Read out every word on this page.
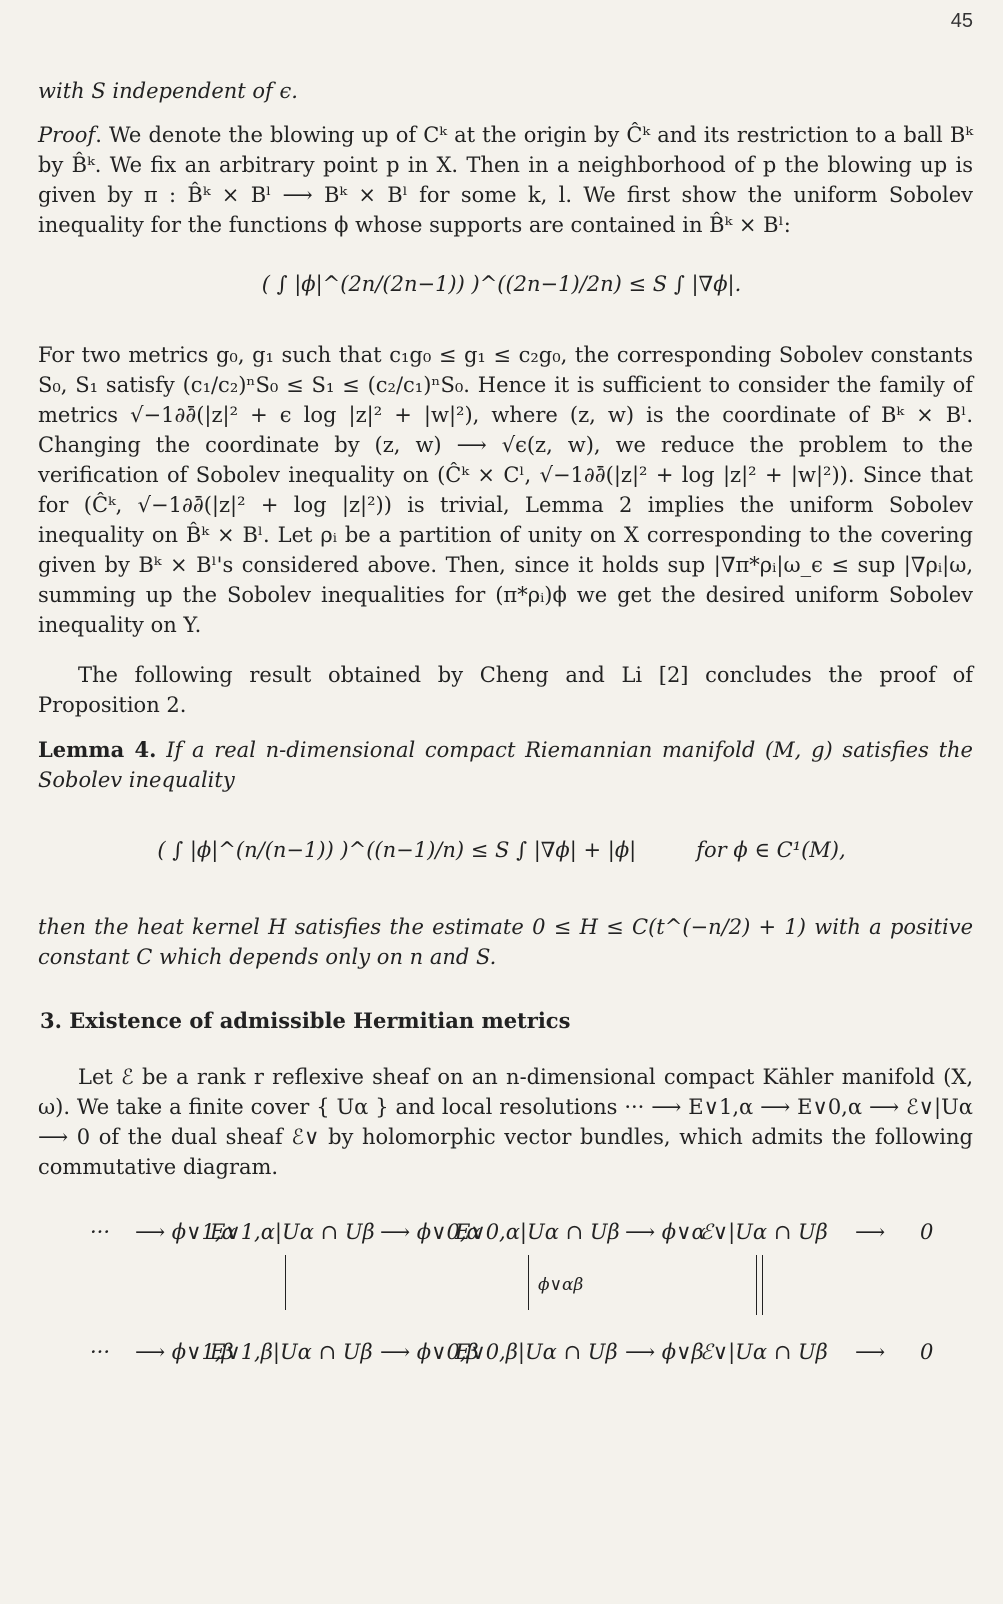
45

with S independent of ϵ.

Proof. We denote the blowing up of Cᵏ at the origin by Ĉᵏ and its restriction to a ball Bᵏ by B̂ᵏ. We fix an arbitrary point p in X. Then in a neighborhood of p the blowing up is given by π : B̂ᵏ × Bˡ ⟶ Bᵏ × Bˡ for some k, l. We first show the uniform Sobolev inequality for the functions ϕ whose supports are contained in B̂ᵏ × Bˡ:

( ∫ |ϕ|^(2n/(2n−1)) )^((2n−1)/2n) ≤ S ∫ |∇ϕ|.

For two metrics g₀, g₁ such that c₁g₀ ≤ g₁ ≤ c₂g₀, the corresponding Sobolev constants S₀, S₁ satisfy (c₁/c₂)ⁿS₀ ≤ S₁ ≤ (c₂/c₁)ⁿS₀. Hence it is sufficient to consider the family of metrics √−1∂∂̄(|z|² + ϵ log |z|² + |w|²), where (z, w) is the coordinate of Bᵏ × Bˡ. Changing the coordinate by (z, w) ⟶ √ϵ(z, w), we reduce the problem to the verification of Sobolev inequality on (Ĉᵏ × Cˡ, √−1∂∂̄(|z|² + log |z|² + |w|²)). Since that for (Ĉᵏ, √−1∂∂̄(|z|² + log |z|²)) is trivial, Lemma 2 implies the uniform Sobolev inequality on B̂ᵏ × Bˡ. Let ρᵢ be a partition of unity on X corresponding to the covering given by Bᵏ × Bˡ's considered above. Then, since it holds sup |∇π*ρᵢ|ω_ϵ ≤ sup |∇ρᵢ|ω, summing up the Sobolev inequalities for (π*ρᵢ)ϕ we get the desired uniform Sobolev inequality on Y.

The following result obtained by Cheng and Li [2] concludes the proof of Proposition 2.

Lemma 4. If a real n-dimensional compact Riemannian manifold (M, g) satisfies the Sobolev inequality

( ∫ |ϕ|^(n/(n−1)) )^((n−1)/n) ≤ S ∫ |∇ϕ| + |ϕ|	for ϕ ∈ C¹(M),

then the heat kernel H satisfies the estimate 0 ≤ H ≤ C(t^(−n/2) + 1) with a positive constant C which depends only on n and S.

3. Existence of admissible Hermitian metrics

Let ℰ be a rank r reflexive sheaf on an n-dimensional compact Kähler manifold (X, ω). We take a finite cover { Uα } and local resolutions ··· ⟶ E∨1,α ⟶ E∨0,α ⟶ ℰ∨|Uα ⟶ 0 of the dual sheaf ℰ∨ by holomorphic vector bundles, which admits the following commutative diagram.

···

⟶ ϕ∨1,α

E∨1,α|Uα ∩ Uβ

⟶ ϕ∨0,α

E∨0,α|Uα ∩ Uβ

⟶ ϕ∨α

ℰ∨|Uα ∩ Uβ

⟶

0

ϕ∨αβ

···

⟶ ϕ∨1,β

E∨1,β|Uα ∩ Uβ

⟶ ϕ∨0,β

E∨0,β|Uα ∩ Uβ

⟶ ϕ∨β

ℰ∨|Uα ∩ Uβ

⟶

0
